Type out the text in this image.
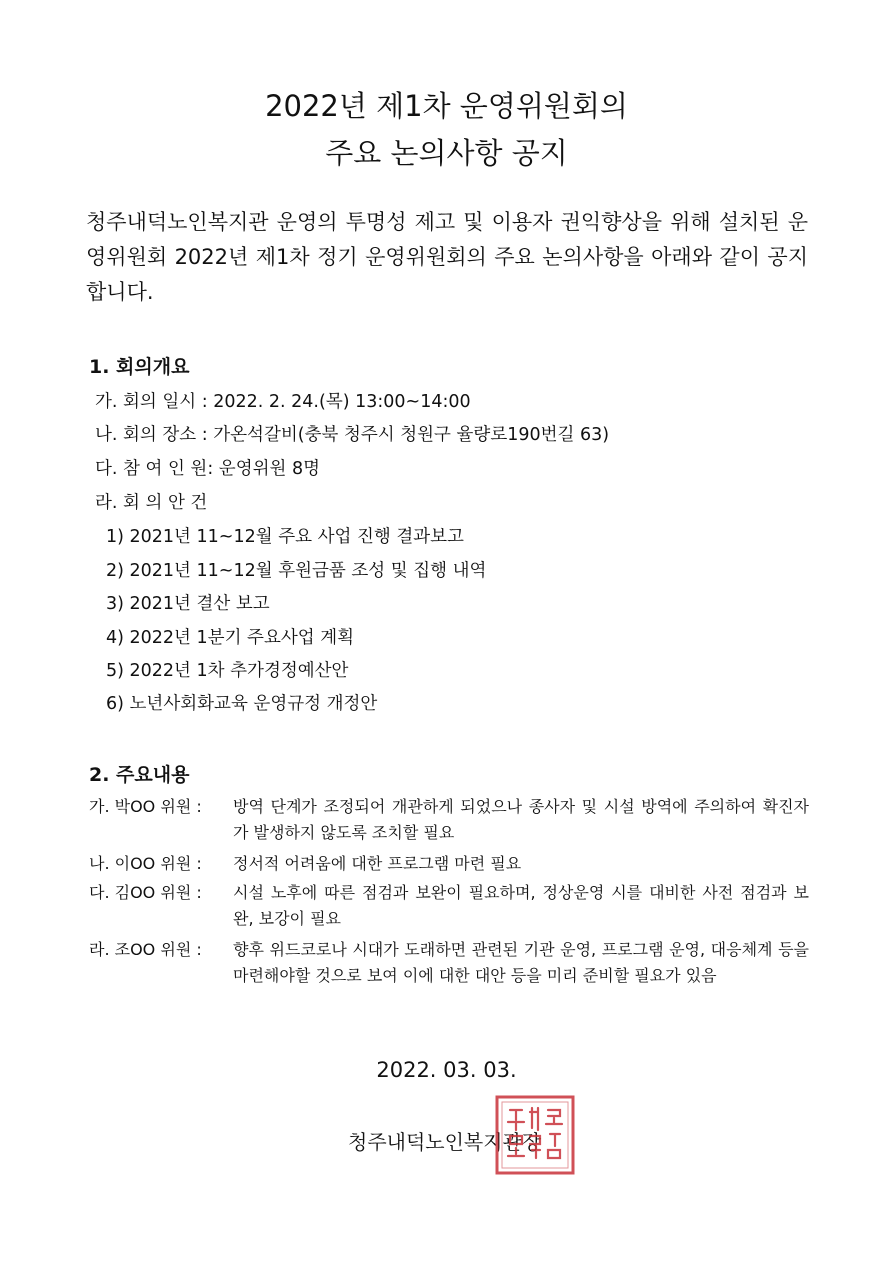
2022년 제1차 운영위원회의
주요 논의사항 공지
청주내덕노인복지관 운영의 투명성 제고 및 이용자 권익향상을 위해 설치된 운영위원회 2022년 제1차 정기 운영위원회의 주요 논의사항을 아래와 같이 공지합니다.
1. 회의개요
가. 회의 일시 : 2022. 2. 24.(목) 13:00~14:00
나. 회의 장소 : 가온석갈비(충북 청주시 청원구 율량로190번길 63)
다. 참 여 인 원: 운영위원 8명
라. 회 의 안 건
1) 2021년 11~12월 주요 사업 진행 결과보고
2) 2021년 11~12월 후원금품 조성 및 집행 내역
3) 2021년 결산 보고
4) 2022년 1분기 주요사업 계획
5) 2022년 1차 추가경정예산안
6) 노년사회화교육 운영규정 개정안
2. 주요내용
가. 박OO 위원 : 방역 단계가 조정되어 개관하게 되었으나 종사자 및 시설 방역에 주의하여 확진자가 발생하지 않도록 조치할 필요
나. 이OO 위원 : 정서적 어려움에 대한 프로그램 마련 필요
다. 김OO 위원 : 시설 노후에 따른 점검과 보완이 필요하며, 정상운영 시를 대비한 사전 점검과 보완, 보강이 필요
라. 조OO 위원 : 향후 위드코로나 시대가 도래하면 관련된 기관 운영, 프로그램 운영, 대응체계 등을 마련해야할 것으로 보여 이에 대한 대안 등을 미리 준비할 필요가 있음
2022. 03. 03.
청주내덕노인복지관장
